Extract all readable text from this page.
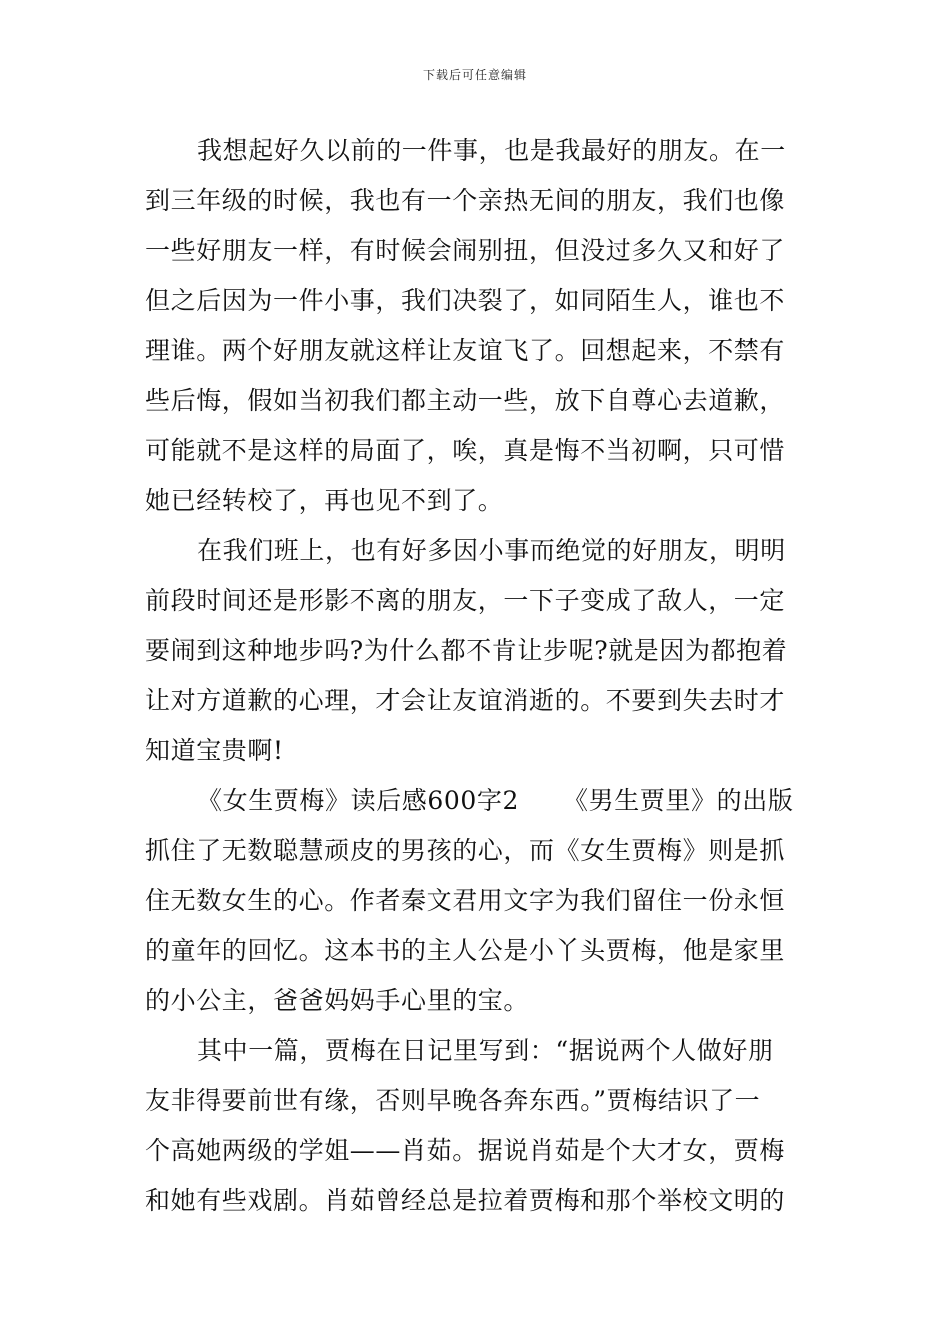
下载后可任意编辑
我想起好久以前的一件事，也是我最好的朋友。在一
到三年级的时候，我也有一个亲热无间的朋友，我们也像
一些好朋友一样，有时候会闹别扭，但没过多久又和好了
但之后因为一件小事，我们决裂了，如同陌生人，谁也不
理谁。两个好朋友就这样让友谊飞了。回想起来，不禁有
些后悔，假如当初我们都主动一些，放下自尊心去道歉，
可能就不是这样的局面了，唉，真是悔不当初啊，只可惜
她已经转校了，再也见不到了。
在我们班上，也有好多因小事而绝觉的好朋友，明明
前段时间还是形影不离的朋友，一下子变成了敌人，一定
要闹到这种地步吗?为什么都不肯让步呢?就是因为都抱着
让对方道歉的心理，才会让友谊消逝的。不要到失去时才
知道宝贵啊!
《女生贾梅》读后感600字2 《男生贾里》的出版
抓住了无数聪慧顽皮的男孩的心，而《女生贾梅》则是抓
住无数女生的心。作者秦文君用文字为我们留住一份永恒
的童年的回忆。这本书的主人公是小丫头贾梅，他是家里
的小公主，爸爸妈妈手心里的宝。
其中一篇，贾梅在日记里写到：“据说两个人做好朋
友非得要前世有缘，否则早晚各奔东西。”贾梅结识了一
个高她两级的学姐——肖茹。据说肖茹是个大才女，贾梅
和她有些戏剧。肖茹曾经总是拉着贾梅和那个举校文明的
